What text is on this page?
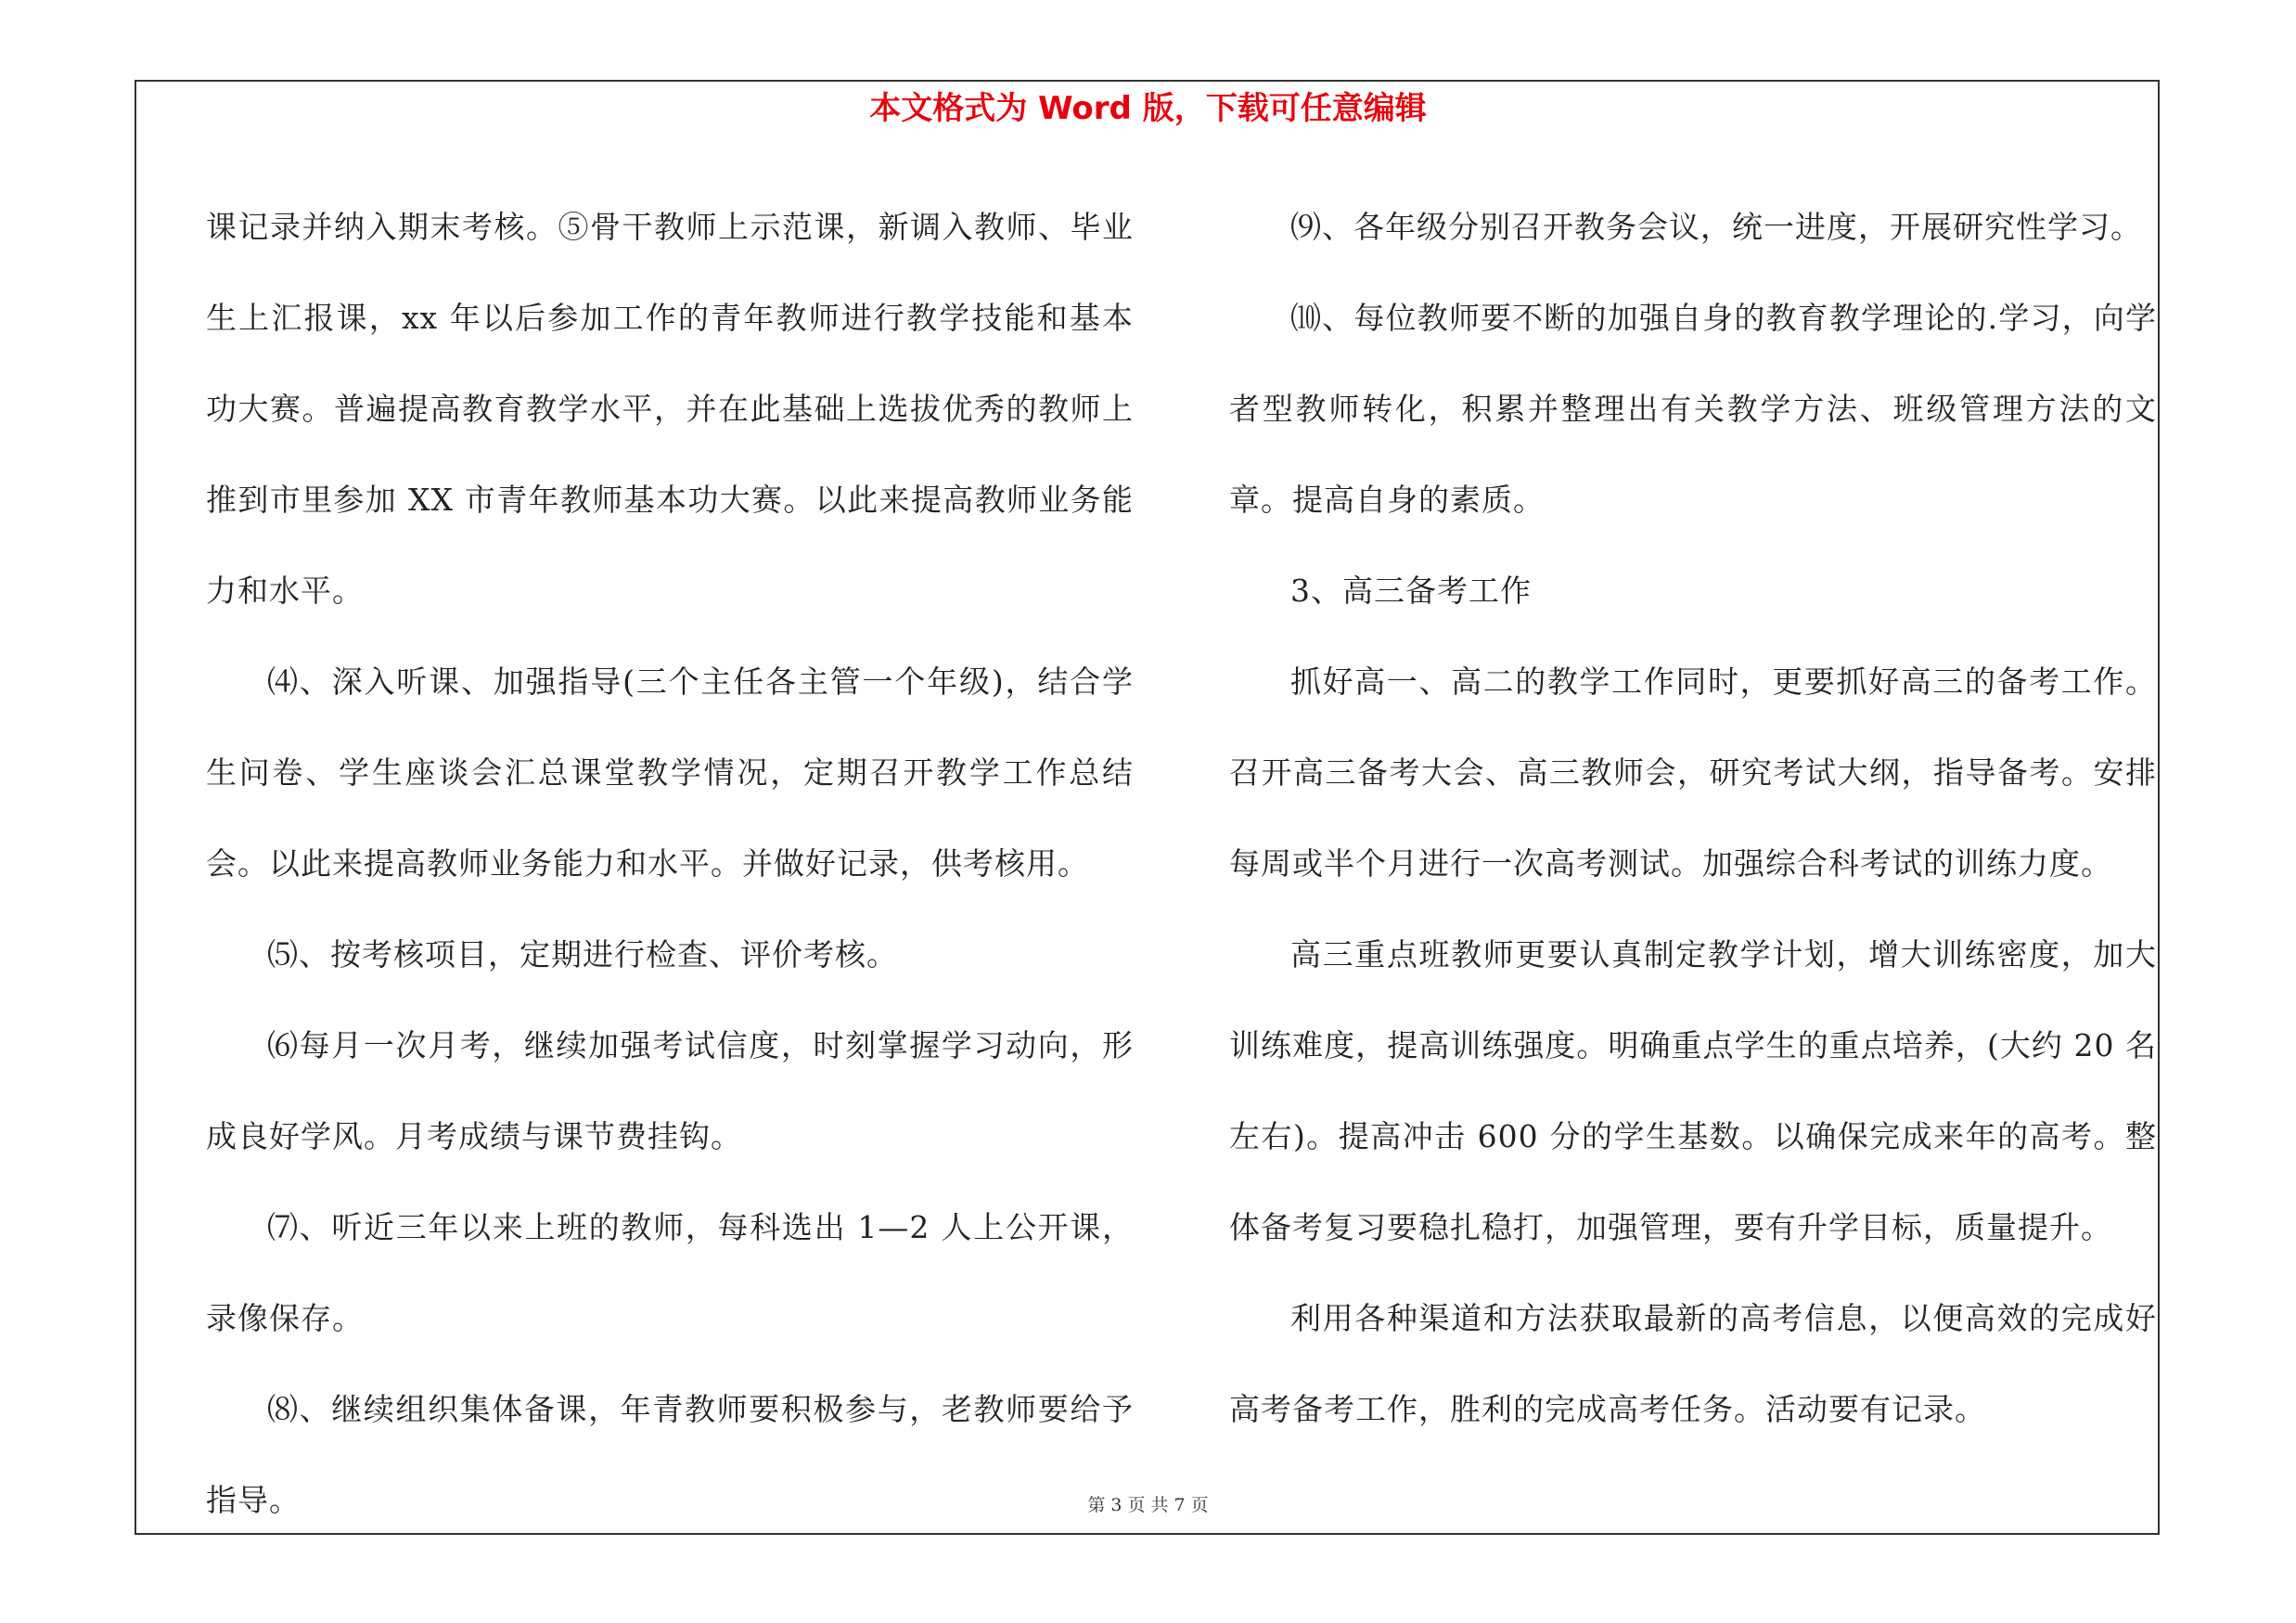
本文格式为 Word 版，下载可任意编辑

课记录并纳入期末考核。⑤骨干教师上示范课，新调入教师、毕业生上汇报课，xx 年以后参加工作的青年教师进行教学技能和基本功大赛。普遍提高教育教学水平，并在此基础上选拔优秀的教师上推到市里参加 XX 市青年教师基本功大赛。以此来提高教师业务能力和水平。

⑷、深入听课、加强指导(三个主任各主管一个年级)，结合学生问卷、学生座谈会汇总课堂教学情况，定期召开教学工作总结会。以此来提高教师业务能力和水平。并做好记录，供考核用。

⑸、按考核项目，定期进行检查、评价考核。

⑹每月一次月考，继续加强考试信度，时刻掌握学习动向，形成良好学风。月考成绩与课节费挂钩。

⑺、听近三年以来上班的教师，每科选出 1—2 人上公开课，录像保存。

⑻、继续组织集体备课，年青教师要积极参与，老教师要给予指导。

⑼、各年级分别召开教务会议，统一进度，开展研究性学习。

⑽、每位教师要不断的加强自身的教育教学理论的.学习，向学者型教师转化，积累并整理出有关教学方法、班级管理方法的文章。提高自身的素质。

3、高三备考工作

抓好高一、高二的教学工作同时，更要抓好高三的备考工作。召开高三备考大会、高三教师会，研究考试大纲，指导备考。安排每周或半个月进行一次高考测试。加强综合科考试的训练力度。

高三重点班教师更要认真制定教学计划，增大训练密度，加大训练难度，提高训练强度。明确重点学生的重点培养，(大约 20 名左右)。提高冲击 600 分的学生基数。以确保完成来年的高考。整体备考复习要稳扎稳打，加强管理，要有升学目标，质量提升。

利用各种渠道和方法获取最新的高考信息，以便高效的完成好高考备考工作，胜利的完成高考任务。活动要有记录。

第 3 页 共 7 页
